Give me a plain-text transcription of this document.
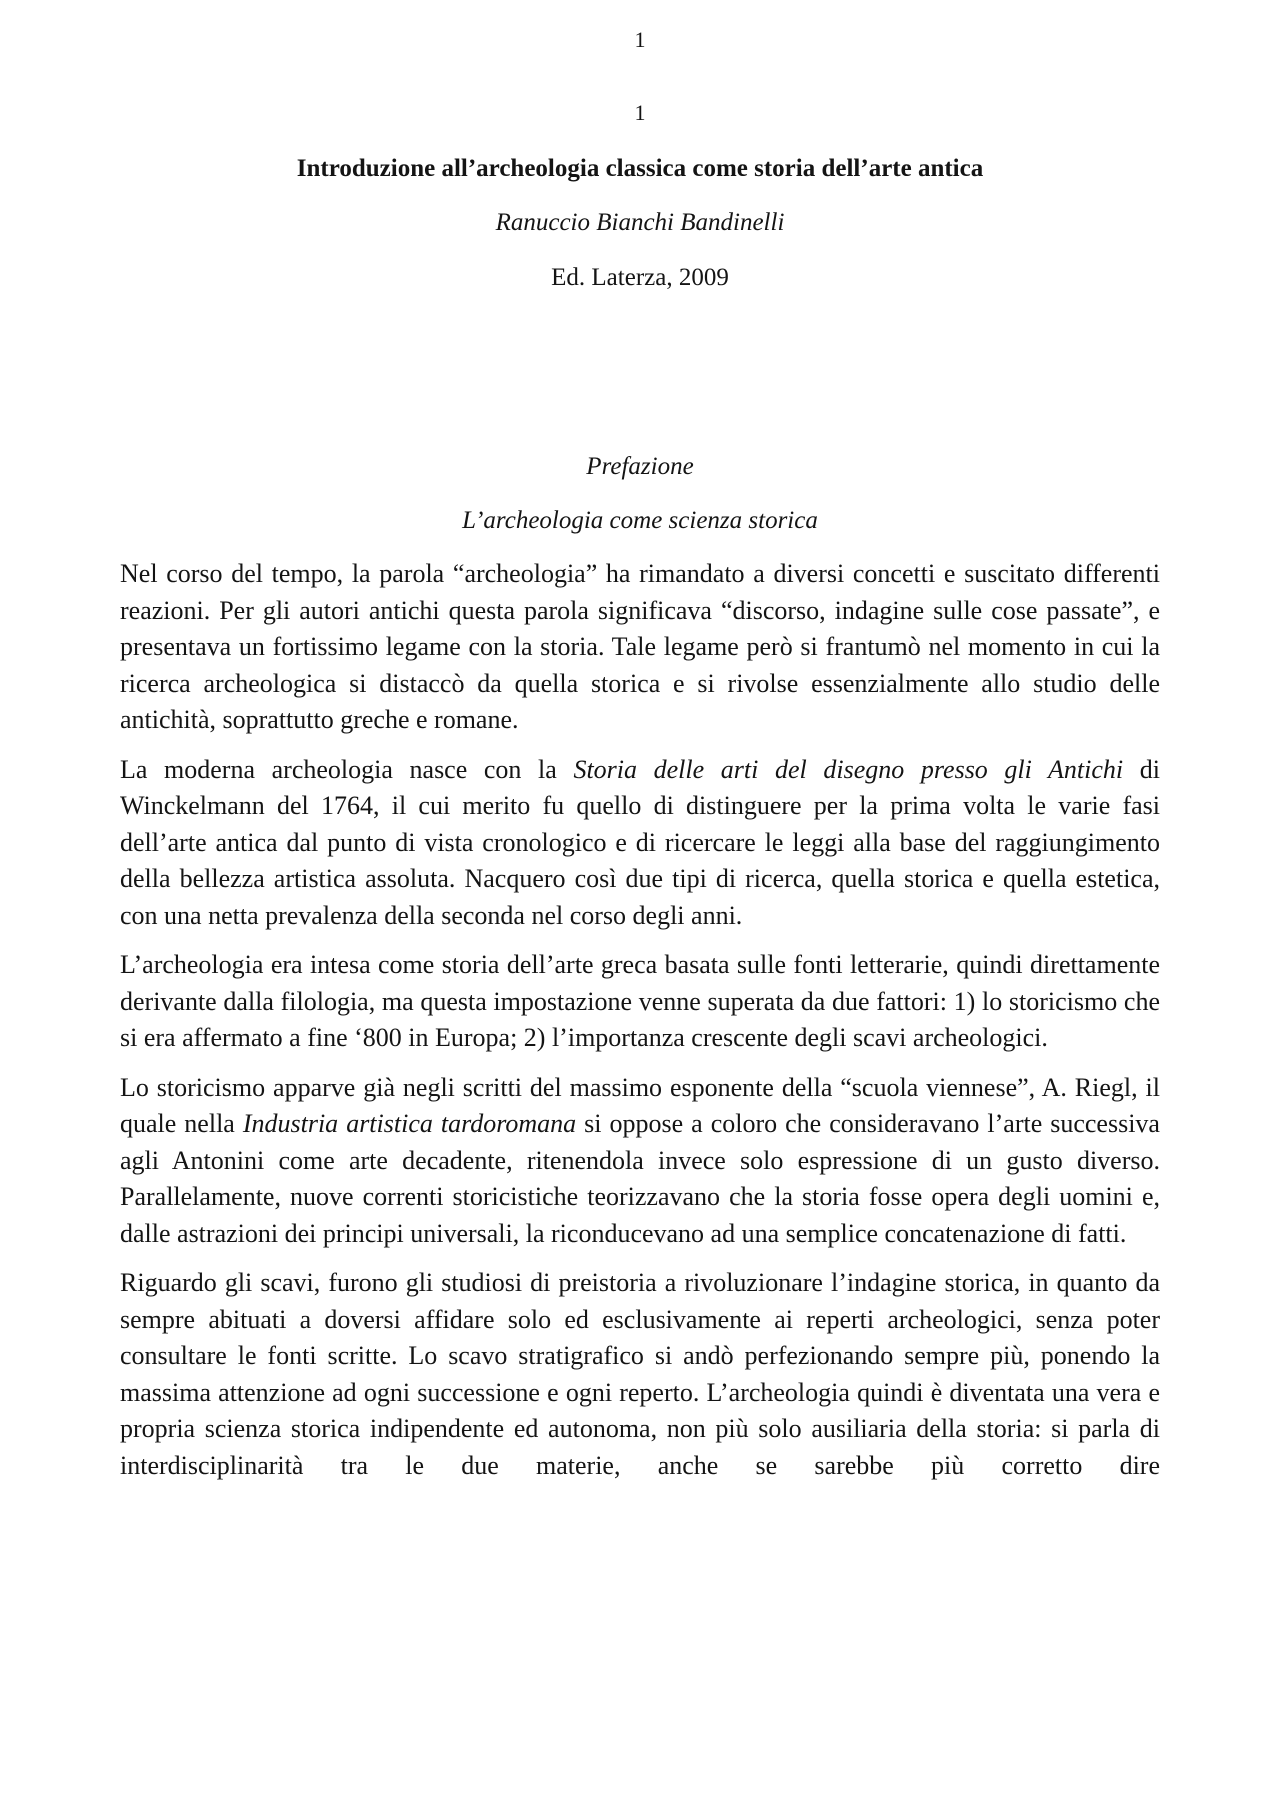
1
1
Introduzione all’archeologia classica come storia dell’arte antica
Ranuccio Bianchi Bandinelli
Ed. Laterza, 2009
Prefazione
L’archeologia come scienza storica

Nel corso del tempo, la parola “archeologia” ha rimandato a diversi concetti e suscitato differenti reazioni. Per gli autori antichi questa parola significava “discorso, indagine sulle cose passate”, e presentava un fortissimo legame con la storia. Tale legame però si frantumò nel momento in cui la ricerca archeologica si distaccò da quella storica e si rivolse essenzialmente allo studio delle antichità, soprattutto greche e romane.

La moderna archeologia nasce con la Storia delle arti del disegno presso gli Antichi di Winckelmann del 1764, il cui merito fu quello di distinguere per la prima volta le varie fasi dell’arte antica dal punto di vista cronologico e di ricercare le leggi alla base del raggiungimento della bellezza artistica assoluta. Nacquero così due tipi di ricerca, quella storica e quella estetica, con una netta prevalenza della seconda nel corso degli anni.

L’archeologia era intesa come storia dell’arte greca basata sulle fonti letterarie, quindi direttamente derivante dalla filologia, ma questa impostazione venne superata da due fattori: 1) lo storicismo che si era affermato a fine ‘800 in Europa; 2) l’importanza crescente degli scavi archeologici.

Lo storicismo apparve già negli scritti del massimo esponente della “scuola viennese”, A. Riegl, il quale nella Industria artistica tardoromana si oppose a coloro che consideravano l’arte successiva agli Antonini come arte decadente, ritenendola invece solo espressione di un gusto diverso. Parallelamente, nuove correnti storicistiche teorizzavano che la storia fosse opera degli uomini e, dalle astrazioni dei principi universali, la riconducevano ad una semplice concatenazione di fatti.

Riguardo gli scavi, furono gli studiosi di preistoria a rivoluzionare l’indagine storica, in quanto da sempre abituati a doversi affidare solo ed esclusivamente ai reperti archeologici, senza poter consultare le fonti scritte. Lo scavo stratigrafico si andò perfezionando sempre più, ponendo la massima attenzione ad ogni successione e ogni reperto. L’archeologia quindi è diventata una vera e propria scienza storica indipendente ed autonoma, non più solo ausiliaria della storia: si parla di interdisciplinarità tra le due materie, anche se sarebbe più corretto dire
